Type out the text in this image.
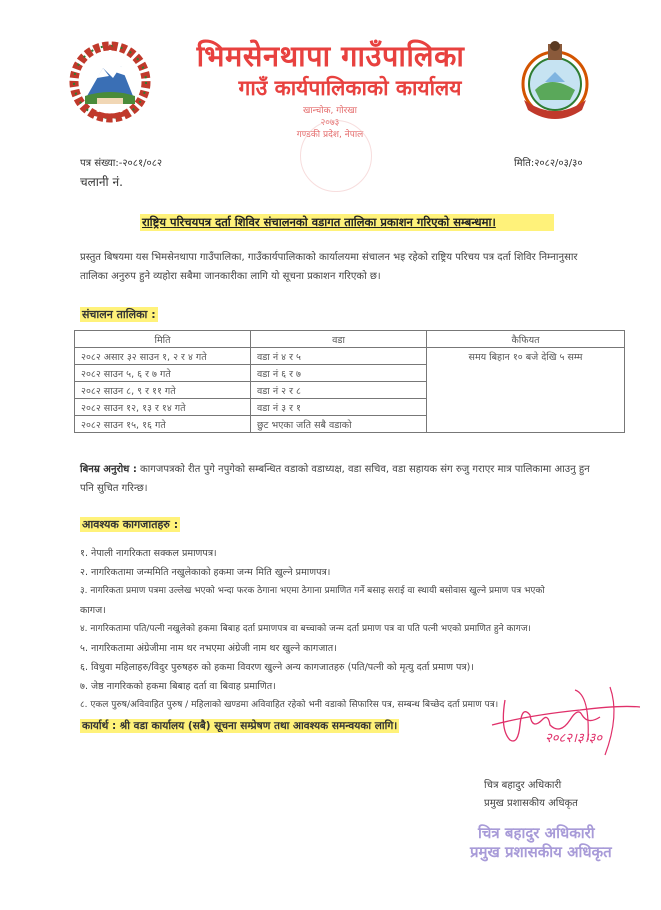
भिमसेनथापा गाउँपालिका
गाउँ कार्यपालिकाको कार्यालय
खान्चोक, गोरखा
२०७३
गण्डकी प्रदेश, नेपाल
पत्र संख्या:-२०८१/०८२
चलानी नं.
मिति:२०८२/०३/३०
राष्ट्रिय परिचयपत्र दर्ता शिविर संचालनको वडागत तालिका प्रकाशन गरिएको सम्बन्धमा।
प्रस्तुत बिषयमा यस भिमसेनथापा गाउँपालिका, गाउँकार्यपालिकाको कार्यालयमा संचालन भइ रहेको राष्ट्रिय परिचय पत्र दर्ता शिविर निम्नानुसार तालिका अनुरुप हुने व्यहोरा सबैमा जानकारीका लागि यो सूचना प्रकाशन गरिएको छ।
संचालन तालिका :
मिति	वडा	कैफियत
२०८२ असार ३२ साउन १, २ र ४ गते	वडा नं ४ र ५	समय बिहान १० बजे देखि ५ सम्म
२०८२ साउन ५, ६ र ७ गते	वडा नं ६ र ७	
२०८२ साउन ८, ९ र ११ गते	वडा नं २ र ८	
२०८२ साउन १२, १३ र १४ गते	वडा नं ३ र १	
२०८२ साउन १५, १६ गते	छुट भएका जति सबै वडाको	
बिनम्र अनुरोध : कागजपत्रको रीत पुगे नपुगेको सम्बन्धित वडाको वडाध्यक्ष, वडा सचिव, वडा सहायक संग रुजु गराएर मात्र पालिकामा आउनु हुन पनि सुचित गरिन्छ।
आवश्यक कागजातहरु :
१. नेपाली नागरिकता सक्कल प्रमाणपत्र।
२. नागरिकतामा जन्ममिति नखुलेकाको हकमा जन्म मिति खुल्ने प्रमाणपत्र।
३. नागरिकता प्रमाण पत्रमा उल्लेख भएको भन्दा फरक ठेगाना भएमा ठेगाना प्रमाणित गर्ने बसाइ सराई वा स्थायी बसोवास खुल्ने प्रमाण पत्र भएको
कागज।
४. नागरिकतामा पति/पत्नी नखुलेको हकमा बिबाह दर्ता प्रमाणपत्र वा बच्चाको जन्म दर्ता प्रमाण पत्र वा पति पत्नी भएको प्रमाणित हुने कागज।
५. नागरिकतामा अंग्रेजीमा नाम थर नभएमा अंग्रेजी नाम थर खुल्ने कागजात।
६. विधुवा महिलाहरु/विदुर पुरुषहरु को हकमा विवरण खुल्ने अन्य कागजातहरु (पति/पत्नी को मृत्यु दर्ता प्रमाण पत्र)।
७. जेष्ठ नागरिकको हकमा बिबाह दर्ता वा बिवाह प्रमाणित।
८. एकल पुरुष/अविवाहित पुरुष / महिलाको खण्डमा अविवाहित रहेको भनी वडाको सिफारिस पत्र, सम्बन्ध बिच्छेद दर्ता प्रमाण पत्र।
कार्यार्थ : श्री वडा कार्यालय (सबै) सूचना सम्प्रेषण तथा आवश्यक समन्वयका लागि।
२०८२।३।३०
चित्र बहादुर अधिकारी
प्रमुख प्रशासकीय अधिकृत
चित्र बहादुर अधिकारी
प्रमुख प्रशासकीय अधिकृत
